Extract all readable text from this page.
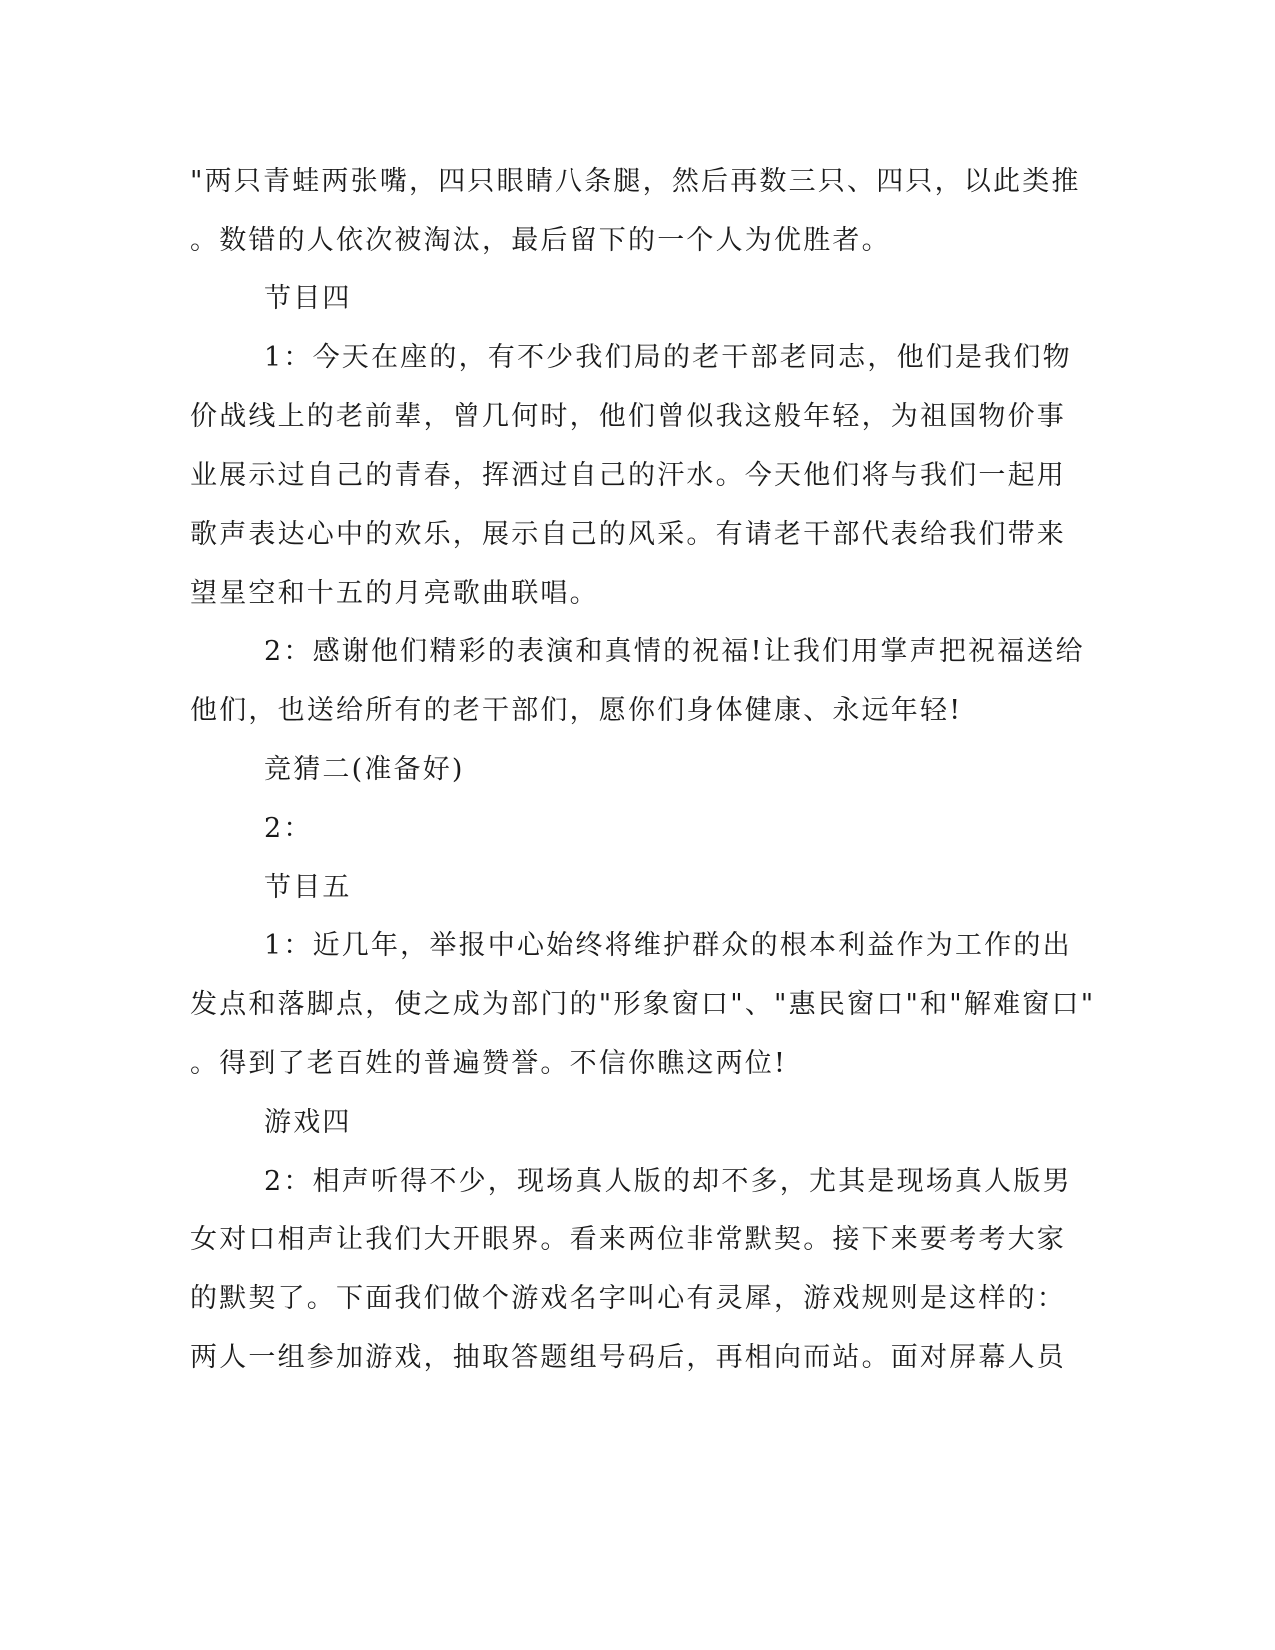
"两只青蛙两张嘴，四只眼睛八条腿，然后再数三只、四只，以此类推
。数错的人依次被淘汰，最后留下的一个人为优胜者。
节目四
1：今天在座的，有不少我们局的老干部老同志，他们是我们物
价战线上的老前辈，曾几何时，他们曾似我这般年轻，为祖国物价事
业展示过自己的青春，挥洒过自己的汗水。今天他们将与我们一起用
歌声表达心中的欢乐，展示自己的风采。有请老干部代表给我们带来
望星空和十五的月亮歌曲联唱。
2：感谢他们精彩的表演和真情的祝福!让我们用掌声把祝福送给
他们，也送给所有的老干部们，愿你们身体健康、永远年轻!
竞猜二(准备好)
2：
节目五
1：近几年，举报中心始终将维护群众的根本利益作为工作的出
发点和落脚点，使之成为部门的"形象窗口"、"惠民窗口"和"解难窗口"
。得到了老百姓的普遍赞誉。不信你瞧这两位!
游戏四
2：相声听得不少，现场真人版的却不多，尤其是现场真人版男
女对口相声让我们大开眼界。看来两位非常默契。接下来要考考大家
的默契了。下面我们做个游戏名字叫心有灵犀，游戏规则是这样的：
两人一组参加游戏，抽取答题组号码后，再相向而站。面对屏幕人员
